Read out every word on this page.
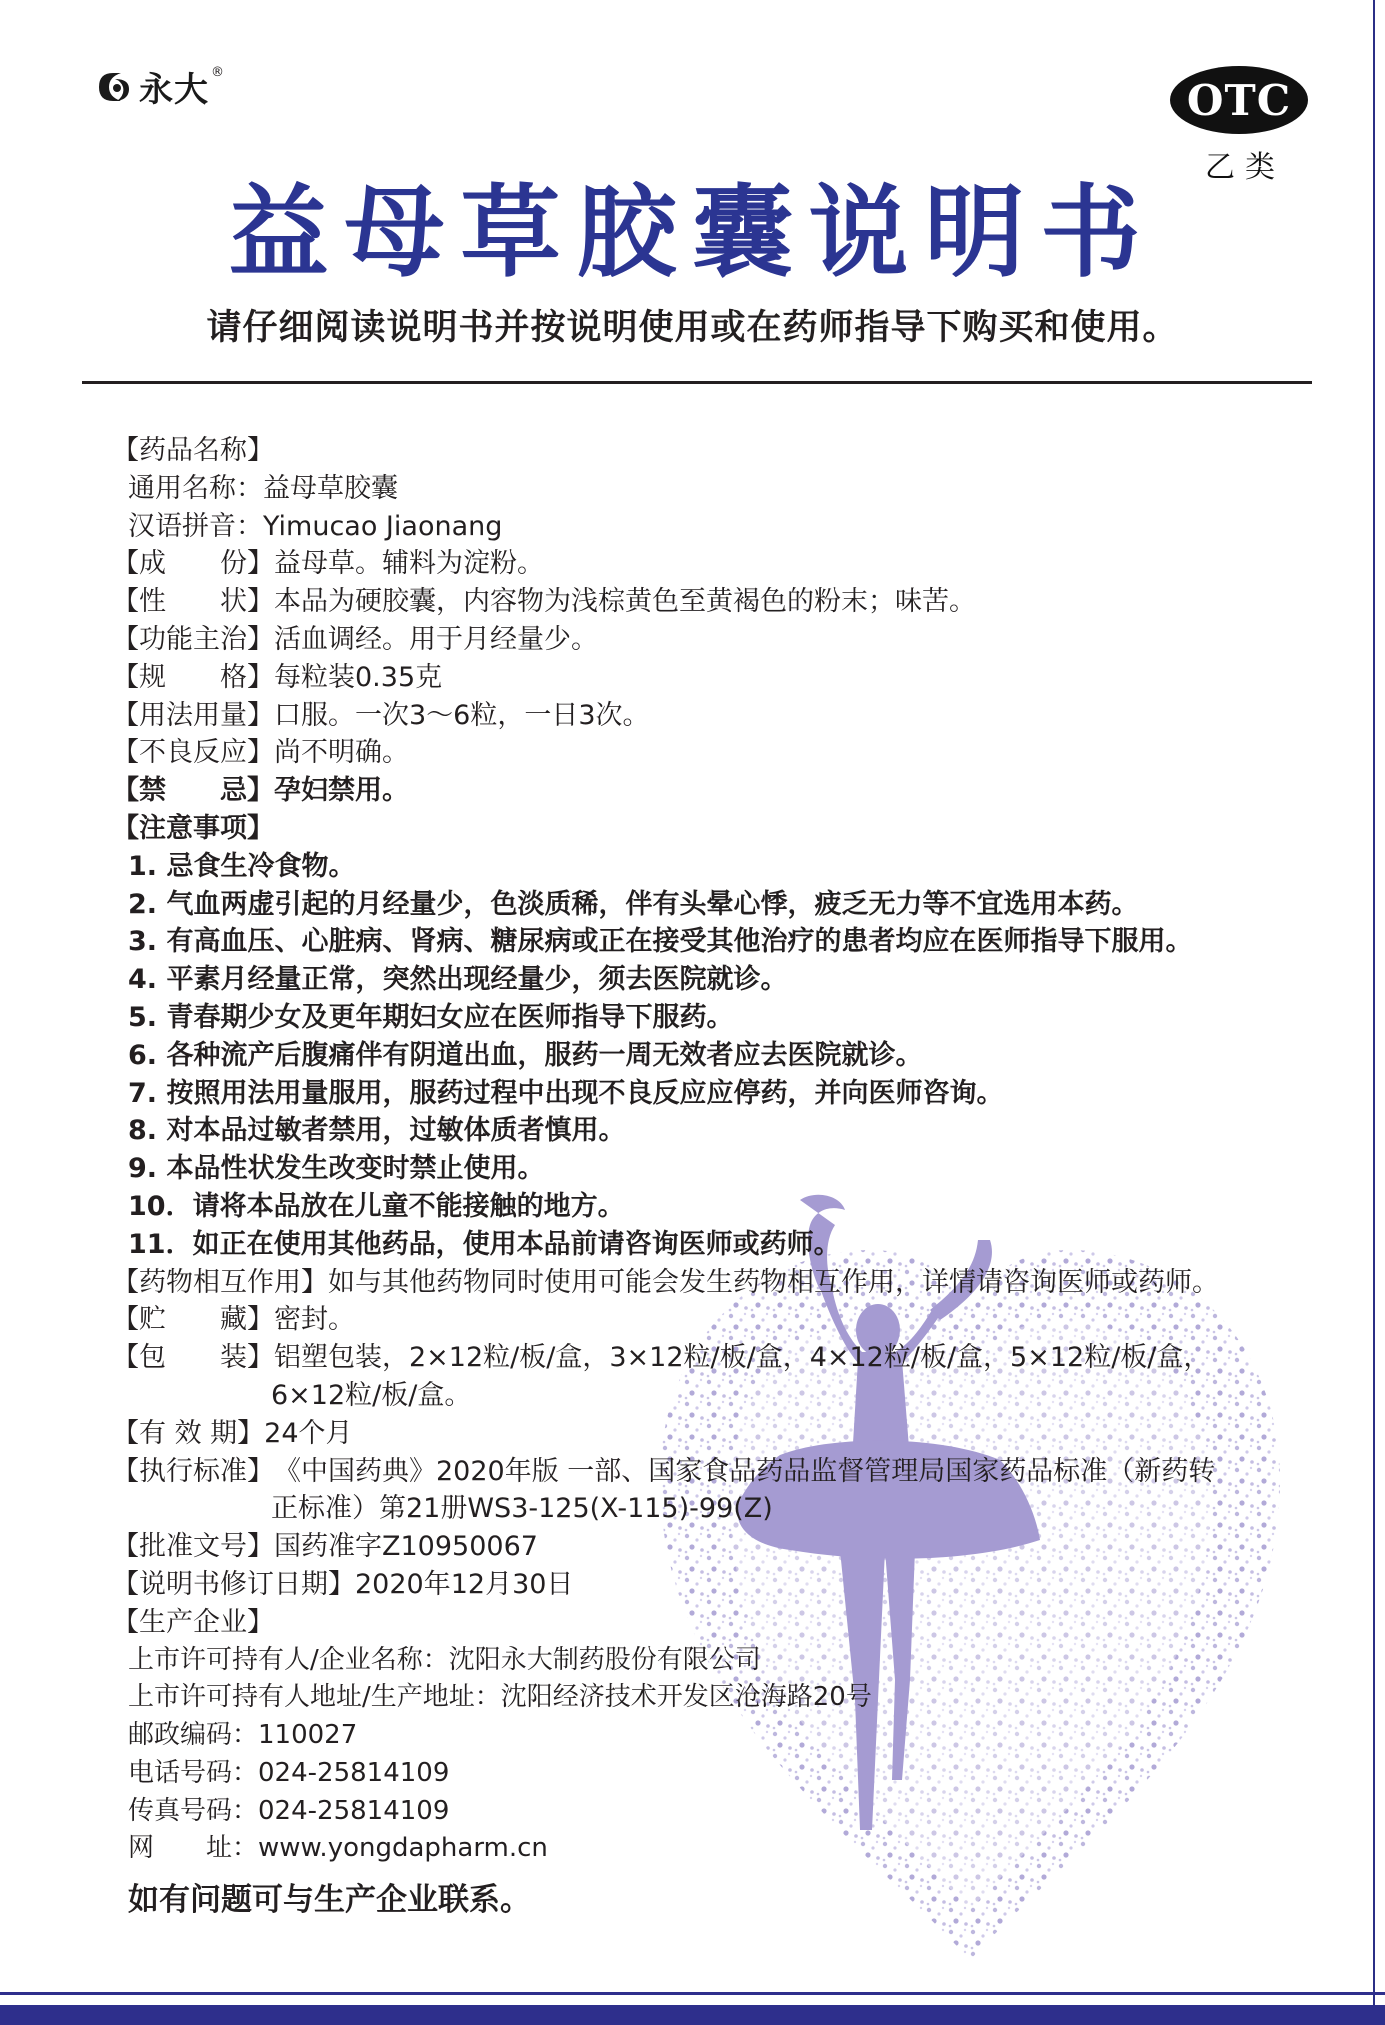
永大 ®
OTC
乙类
益母草胶囊说明书
请仔细阅读说明书并按说明使用或在药师指导下购买和使用。
【药品名称】
通用名称：益母草胶囊
汉语拼音：Yimucao Jiaonang
【成　　份】益母草。辅料为淀粉。
【性　　状】本品为硬胶囊，内容物为浅棕黄色至黄褐色的粉末；味苦。
【功能主治】活血调经。用于月经量少。
【规　　格】每粒装0.35克
【用法用量】口服。一次3～6粒，一日3次。
【不良反应】尚不明确。
【禁　　忌】孕妇禁用。
【注意事项】
1. 忌食生冷食物。
2. 气血两虚引起的月经量少，色淡质稀，伴有头晕心悸，疲乏无力等不宜选用本药。
3. 有高血压、心脏病、肾病、糖尿病或正在接受其他治疗的患者均应在医师指导下服用。
4. 平素月经量正常，突然出现经量少，须去医院就诊。
5. 青春期少女及更年期妇女应在医师指导下服药。
6. 各种流产后腹痛伴有阴道出血，服药一周无效者应去医院就诊。
7. 按照用法用量服用，服药过程中出现不良反应应停药，并向医师咨询。
8. 对本品过敏者禁用，过敏体质者慎用。
9. 本品性状发生改变时禁止使用。
10．请将本品放在儿童不能接触的地方。
11．如正在使用其他药品，使用本品前请咨询医师或药师。
【药物相互作用】如与其他药物同时使用可能会发生药物相互作用，详情请咨询医师或药师。
【贮　　藏】密封。
【包　　装】铝塑包装，2×12粒/板/盒，3×12粒/板/盒，4×12粒/板/盒，5×12粒/板/盒，
6×12粒/板/盒。
【有 效 期】24个月
【执行标准】《中国药典》2020年版 一部、国家食品药品监督管理局国家药品标准（新药转
正标准）第21册WS3-125(X-115)-99(Z)
【批准文号】国药准字Z10950067
【说明书修订日期】2020年12月30日
【生产企业】
上市许可持有人/企业名称：沈阳永大制药股份有限公司
上市许可持有人地址/生产地址：沈阳经济技术开发区沧海路20号
邮政编码：110027
电话号码：024-25814109
传真号码：024-25814109
网　　址：www.yongdapharm.cn
如有问题可与生产企业联系。
